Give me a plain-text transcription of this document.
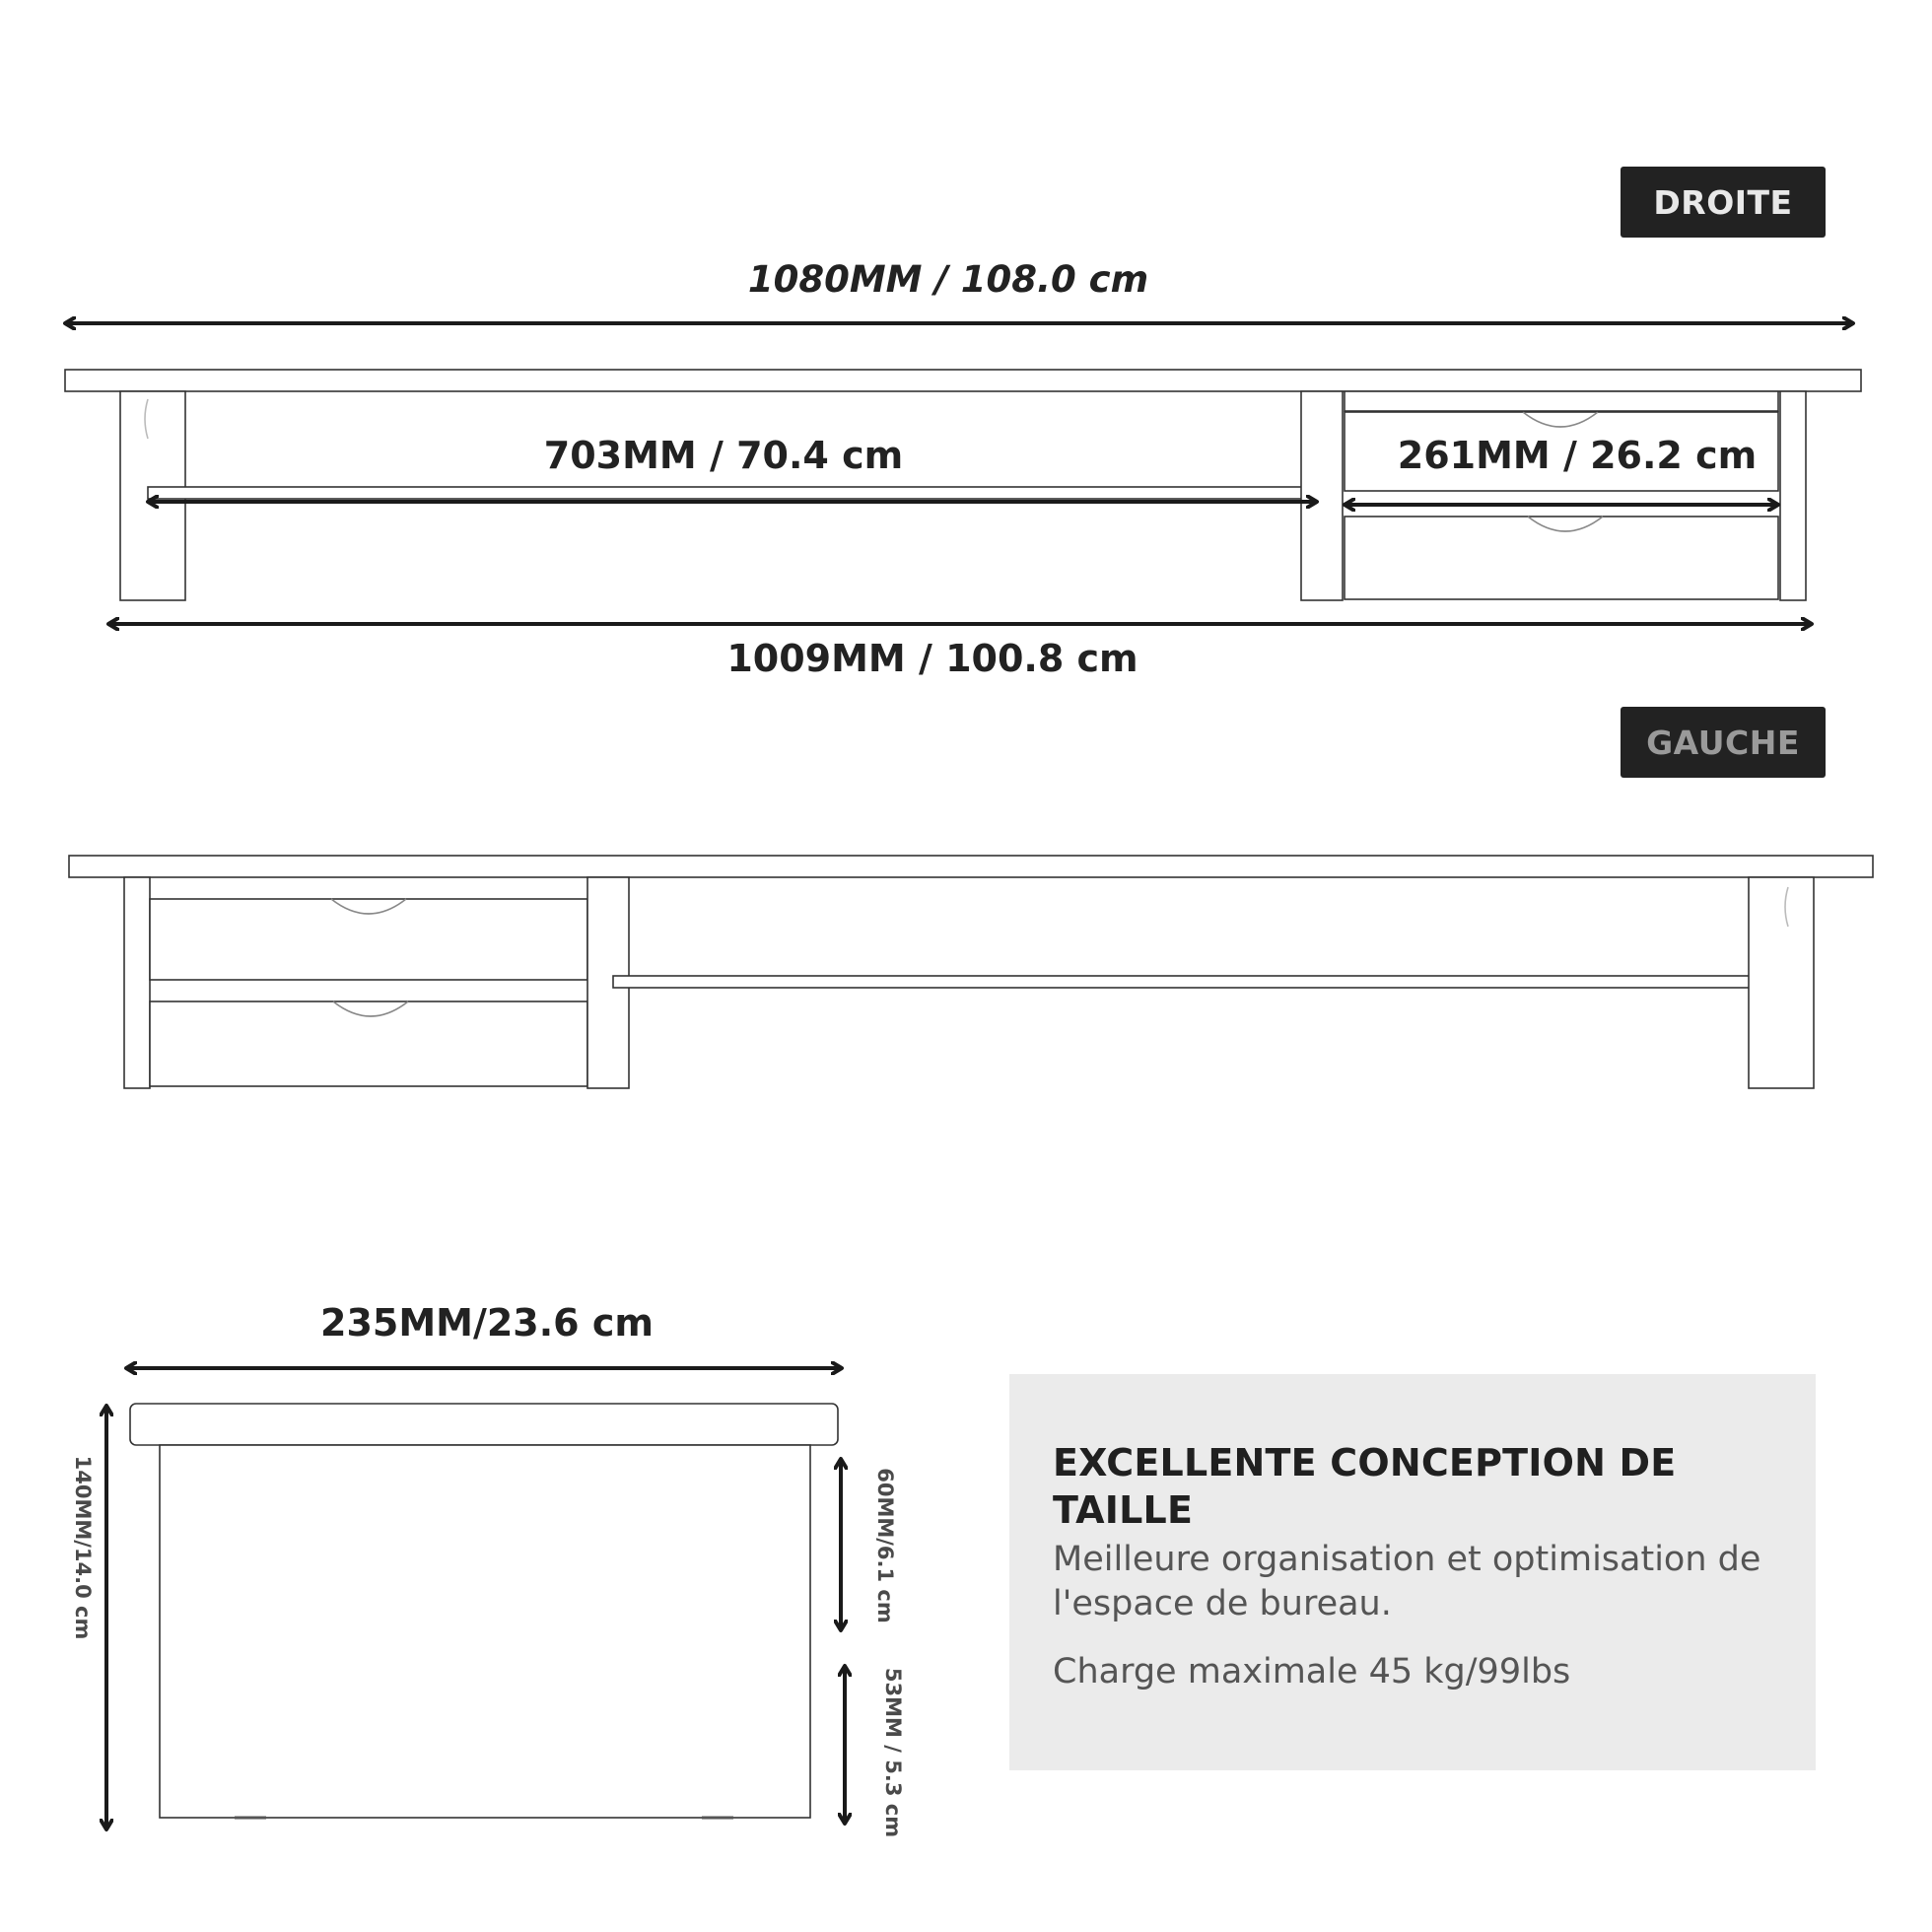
DROITE
GAUCHE
1080MM / 108.0 cm
703MM / 70.4 cm	261MM / 26.2 cm
1009MM / 100.8 cm
235MM/23.6 cm
140MM/14.0 cm	60MM/6.1 cm
53MM / 5.3 cm
EXCELLENTE CONCEPTION DE TAILLE
Meilleure organisation et optimisation de l'espace de bureau.
Charge maximale 45 kg/99lbs
